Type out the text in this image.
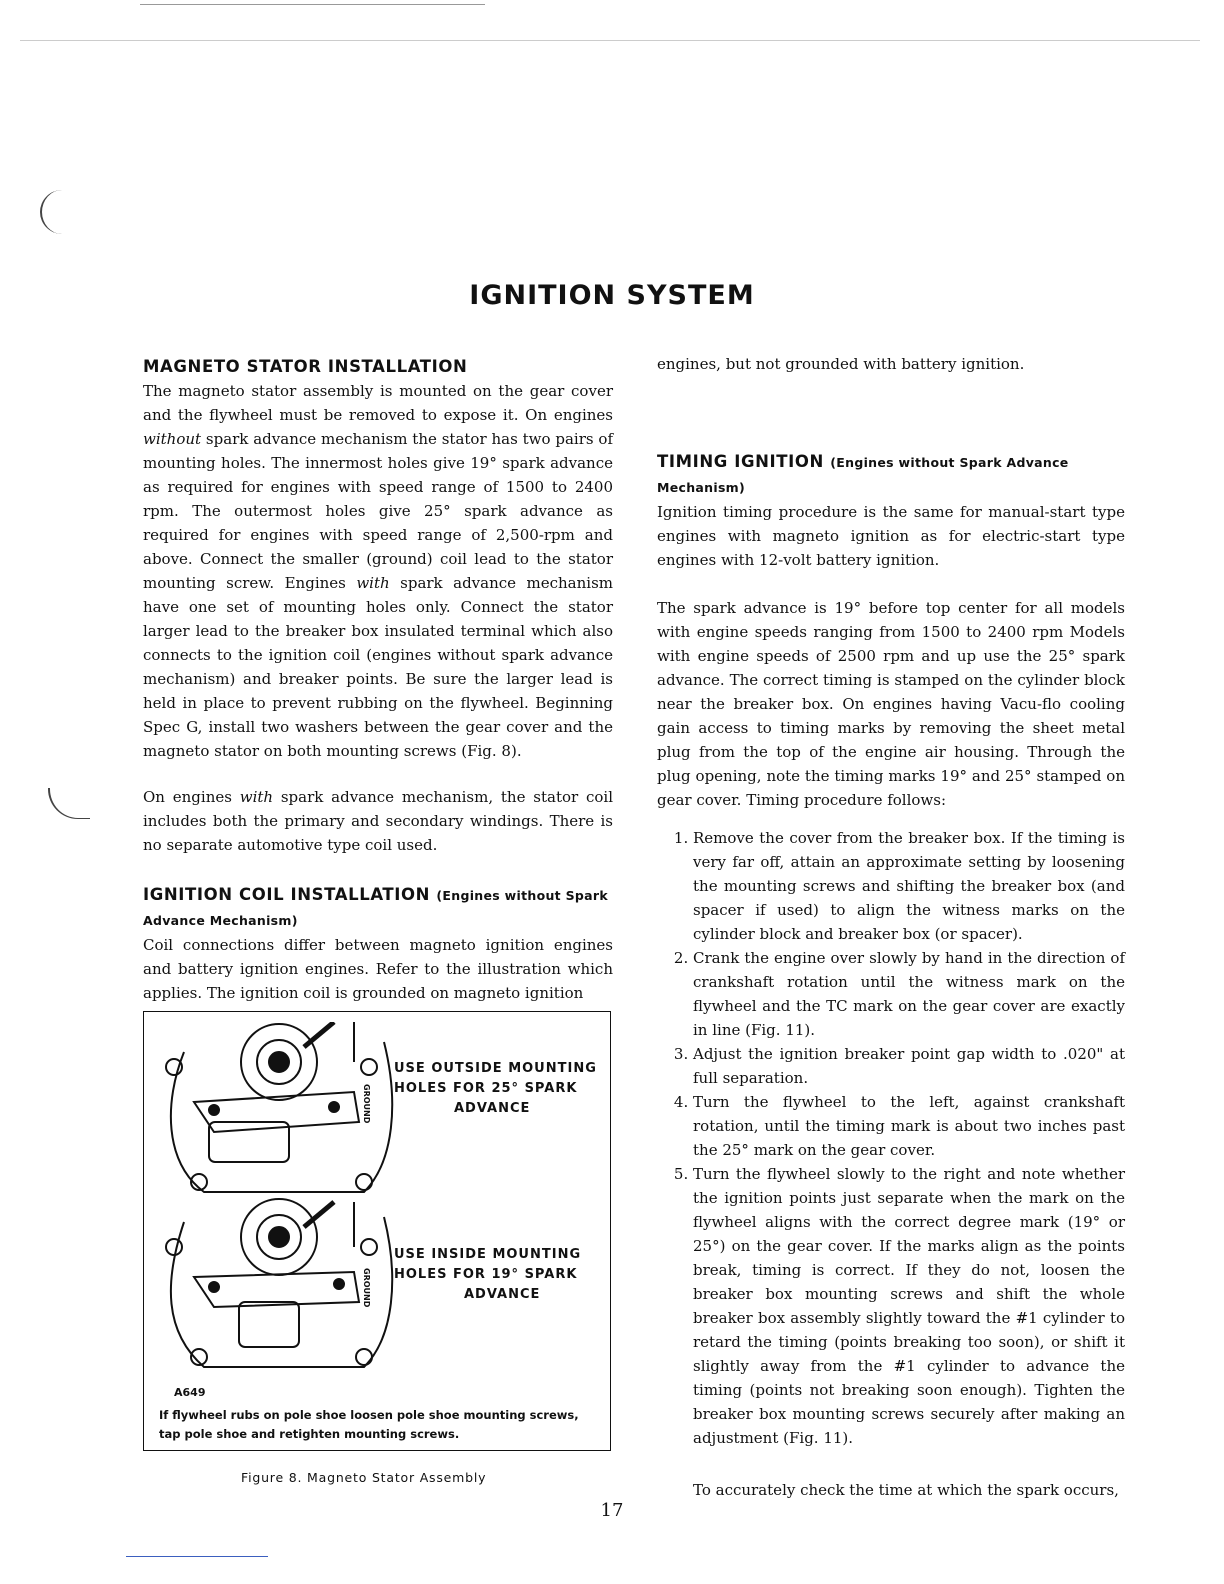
IGNITION SYSTEM

MAGNETO STATOR INSTALLATION

The magneto stator assembly is mounted on the gear cover and the flywheel must be removed to expose it. On engines without spark advance mechanism the stator has two pairs of mounting holes. The innermost holes give 19° spark advance as required for engines with speed range of 1500 to 2400 rpm. The outermost holes give 25° spark advance as required for engines with speed range of 2,500-rpm and above. Connect the smaller (ground) coil lead to the stator mounting screw. Engines with spark advance mechanism have one set of mounting holes only. Connect the stator larger lead to the breaker box insulated terminal which also connects to the ignition coil (engines without spark advance mechanism) and breaker points. Be sure the larger lead is held in place to prevent rubbing on the flywheel. Beginning Spec G, install two washers between the gear cover and the magneto stator on both mounting screws (Fig. 8).

On engines with spark advance mechanism, the stator coil includes both the primary and secondary windings. There is no separate automotive type coil used.

IGNITION COIL INSTALLATION (Engines without Spark Advance Mechanism)

Coil connections differ between magneto ignition engines and battery ignition engines. Refer to the illustration which applies. The ignition coil is grounded on magneto ignition

GROUND
GROUND
USE OUTSIDE MOUNTING
HOLES FOR 25° SPARK
ADVANCE
USE INSIDE MOUNTING
HOLES FOR 19° SPARK
ADVANCE
A649
If flywheel rubs on pole shoe loosen pole shoe mounting screws, tap pole shoe and retighten mounting screws.
Figure 8. Magneto Stator Assembly

engines, but not grounded with battery ignition.

TIMING IGNITION (Engines without Spark Advance Mechanism)

Ignition timing procedure is the same for manual-start type engines with magneto ignition as for electric-start type engines with 12-volt battery ignition.

The spark advance is 19° before top center for all models with engine speeds ranging from 1500 to 2400 rpm Models with engine speeds of 2500 rpm and up use the 25° spark advance. The correct timing is stamped on the cylinder block near the breaker box. On engines having Vacu-flo cooling gain access to timing marks by removing the sheet metal plug from the top of the engine air housing. Through the plug opening, note the timing marks 19° and 25° stamped on gear cover. Timing procedure follows:

1. Remove the cover from the breaker box. If the timing is very far off, attain an approximate setting by loosening the mounting screws and shifting the breaker box (and spacer if used) to align the witness marks on the cylinder block and breaker box (or spacer).
2. Crank the engine over slowly by hand in the direction of crankshaft rotation until the witness mark on the flywheel and the TC mark on the gear cover are exactly in line (Fig. 11).
3. Adjust the ignition breaker point gap width to .020" at full separation.
4. Turn the flywheel to the left, against crankshaft rotation, until the timing mark is about two inches past the 25° mark on the gear cover.
5. Turn the flywheel slowly to the right and note whether the ignition points just separate when the mark on the flywheel aligns with the correct degree mark (19° or 25°) on the gear cover. If the marks align as the points break, timing is correct. If they do not, loosen the breaker box mounting screws and shift the whole breaker box assembly slightly toward the #1 cylinder to retard the timing (points breaking too soon), or shift it slightly away from the #1 cylinder to advance the timing (points not breaking soon enough). Tighten the breaker box mounting screws securely after making an adjustment (Fig. 11).

To accurately check the time at which the spark occurs,

17
